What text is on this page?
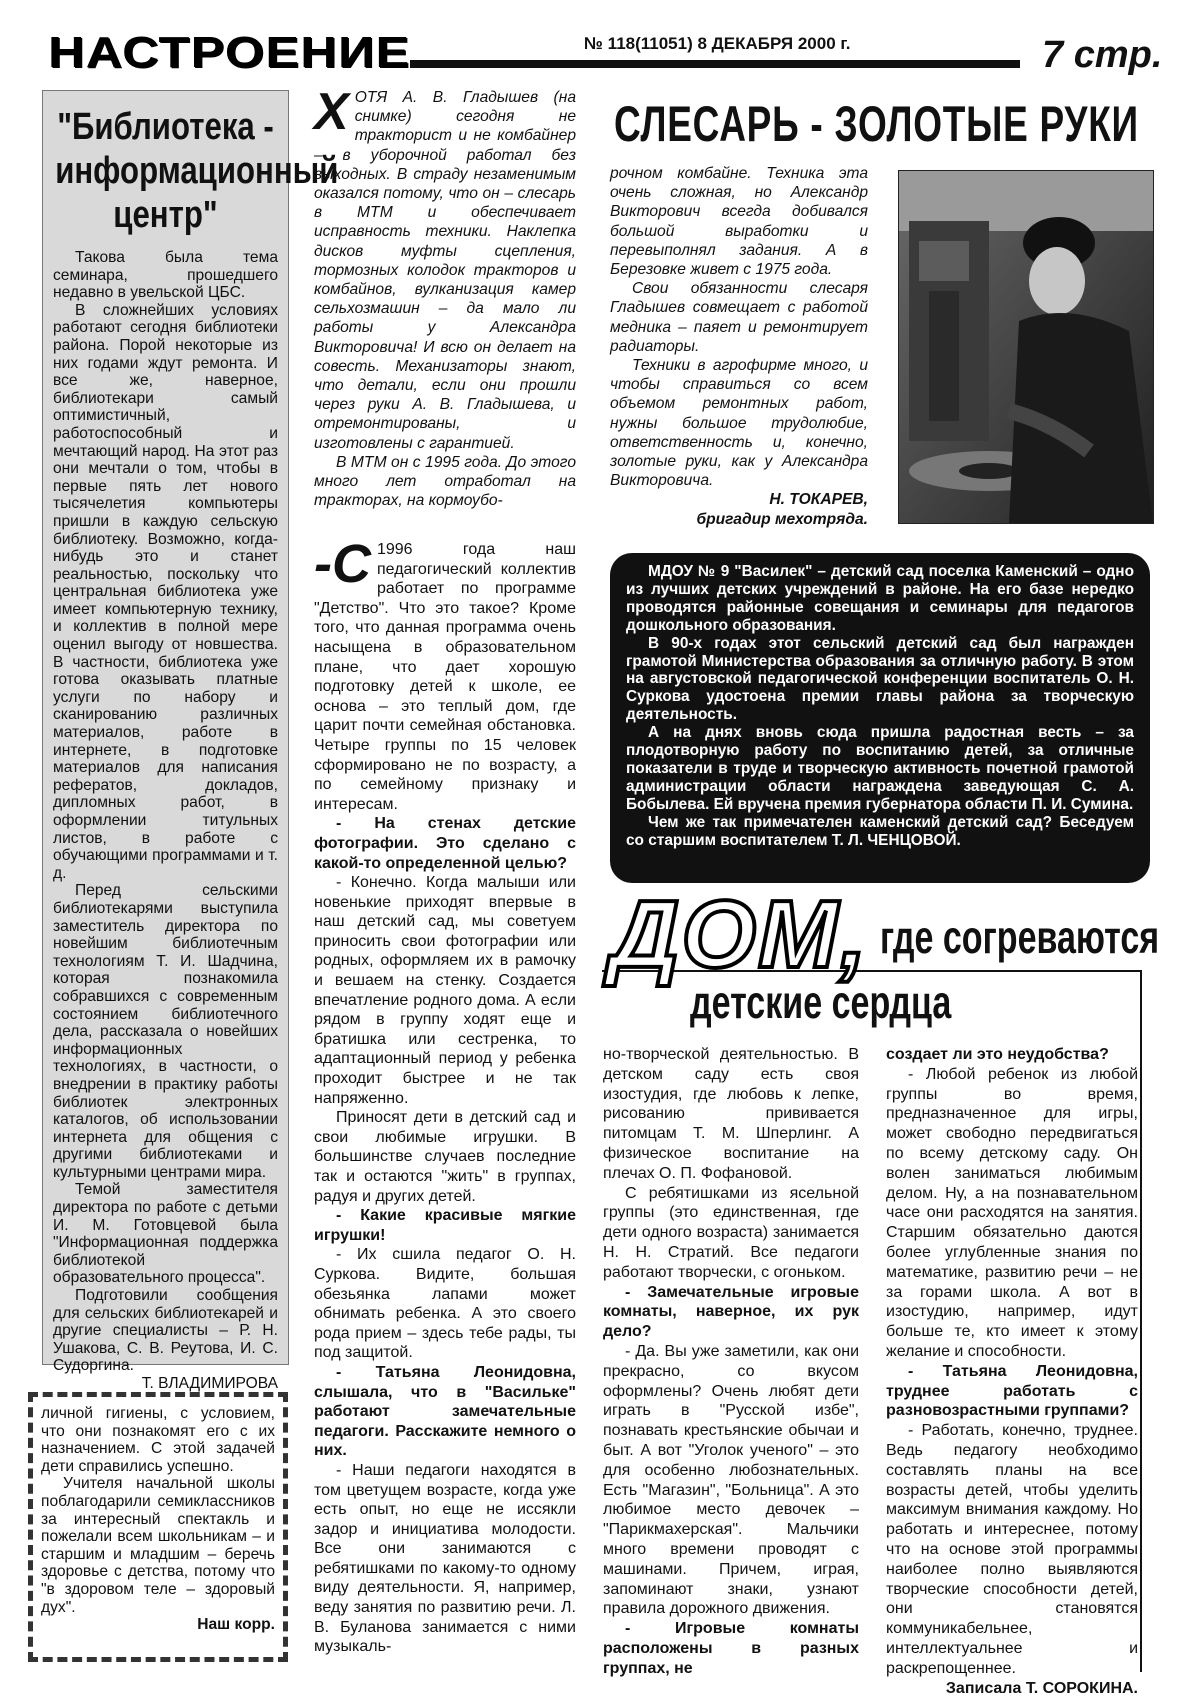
НАСТРОЕНИЕ	№ 118(11051) 8 ДЕКАБРЯ 2000 г.	7 стр.
"Библиотека - информационный центр"

Такова была тема семинара, прошедшего недавно в увельской ЦБС.

В сложнейших условиях работают сегодня библиотеки района. Порой некоторые из них годами ждут ремонта. И все же, наверное, библиотекари самый оптимистичный, работоспособный и мечтающий народ. На этот раз они мечтали о том, чтобы в первые пять лет нового тысячелетия компьютеры пришли в каждую сельскую библиотеку. Возможно, когда-нибудь это и станет реальностью, поскольку что центральная библиотека уже имеет компьютерную технику, и коллектив в полной мере оценил выгоду от новшества. В частности, библиотека уже готова оказывать платные услуги по набору и сканированию различных материалов, работе в интернете, в подготовке материалов для написания рефератов, докладов, дипломных работ, в оформлении титульных листов, в работе с обучающими программами и т. д.

Перед сельскими библиотекарями выступила заместитель директора по новейшим библиотечным технологиям Т. И. Шадчина, которая познакомила собравшихся с современным состоянием библиотечного дела, рассказала о новейших информационных технологиях, в частности, о внедрении в практику работы библиотек электронных каталогов, об использовании интернета для общения с другими библиотеками и культурными центрами мира.

Темой заместителя директора по работе с детьми И. М. Готовцевой была "Информационная поддержка библиотекой образовательного процесса".

Подготовили сообщения для сельских библиотекарей и другие специалисты – Р. Н. Ушакова, С. В. Реутова, И. С. Судоргина.

Т. ВЛАДИМИРОВА

личной гигиены, с условием, что они познакомят его с их назначением. С этой задачей дети справились успешно.

Учителя начальной школы поблагодарили семиклассников за интересный спектакль и пожелали всем школьникам – и старшим и младшим – беречь здоровье с детства, потому что "в здоровом теле – здоровый дух".

Наш корр.

СЛЕСАРЬ - ЗОЛОТЫЕ РУКИ
Х ОТЯ А. В. Гладышев (на снимке) сегодня не тракторист и не комбайнер – в уборочной работал без выходных. В страду незаменимым оказался потому, что он – слесарь в МТМ и обеспечивает исправность техники. Наклепка дисков муфты сцепления, тормозных колодок тракторов и комбайнов, вулканизация камер сельхозмашин – да мало ли работы у Александра Викторовича! И всю он делает на совесть. Механизаторы знают, что детали, если они прошли через руки А. В. Гладышева, и отремонтированы, и изготовлены с гарантией.

В МТМ он с 1995 года. До этого много лет отработал на тракторах, на кормоубо-

рочном комбайне. Техника эта очень сложная, но Александр Викторович всегда добивался большой выработки и перевыполнял задания. А в Березовке живет с 1975 года.

Свои обязанности слесаря Гладышев совмещает с работой медника – паяет и ремонтирует радиаторы.

Техники в агрофирме много, и чтобы справиться со всем объемом ремонтных работ, нужны большое трудолюбие, ответственность и, конечно, золотые руки, как у Александра Викторовича.

Н. ТОКАРЕВ,

бригадир мехотряда.

-С 1996 года наш педагогический коллектив работает по программе "Детство". Что это такое? Кроме того, что данная программа очень насыщена в образовательном плане, что дает хорошую подготовку детей к школе, ее основа – это теплый дом, где царит почти семейная обстановка. Четыре группы по 15 человек сформировано не по возрасту, а по семейному признаку и интересам.

- На стенах детские фотографии. Это сделано с какой-то определенной целью?

- Конечно. Когда малыши или новенькие приходят впервые в наш детский сад, мы советуем приносить свои фотографии или родных, оформляем их в рамочку и вешаем на стенку. Создается впечатление родного дома. А если рядом в группу ходят еще и братишка или сестренка, то адаптационный период у ребенка проходит быстрее и не так напряженно.

Приносят дети в детский сад и свои любимые игрушки. В большинстве случаев последние так и остаются "жить" в группах, радуя и других детей.

- Какие красивые мягкие игрушки!

- Их сшила педагог О. Н. Суркова. Видите, большая обезьянка лапами может обнимать ребенка. А это своего рода прием – здесь тебе рады, ты под защитой.

- Татьяна Леонидовна, слышала, что в "Васильке" работают замечательные педагоги. Расскажите немного о них.

- Наши педагоги находятся в том цветущем возрасте, когда уже есть опыт, но еще не иссякли задор и инициатива молодости. Все они занимаются с ребятишками по какому-то одному виду деятельности. Я, например, веду занятия по развитию речи. Л. В. Буланова занимается с ними музыкаль-

МДОУ № 9 "Василек" – детский сад поселка Каменский – одно из лучших детских учреждений в районе. На его базе нередко проводятся районные совещания и семинары для педагогов дошкольного образования.

В 90-х годах этот сельский детский сад был награжден грамотой Министерства образования за отличную работу. В этом на августовской педагогической конференции воспитатель О. Н. Суркова удостоена премии главы района за творческую деятельность.

А на днях вновь сюда пришла радостная весть – за плодотворную работу по воспитанию детей, за отличные показатели в труде и творческую активность почетной грамотой администрации области награждена заведующая С. А. Бобылева. Ей вручена премия губернатора области П. И. Сумина.

Чем же так примечателен каменский детский сад? Беседуем со старшим воспитателем Т. Л. ЧЕНЦОВОЙ.

ДОМ, где согреваются
детские сердца

но-творческой деятельностью. В детском саду есть своя изостудия, где любовь к лепке, рисованию прививается питомцам Т. М. Шперлинг. А физическое воспитание на плечах О. П. Фофановой.

С ребятишками из ясельной группы (это единственная, где дети одного возраста) занимается Н. Н. Стратий. Все педагоги работают творчески, с огоньком.

- Замечательные игровые комнаты, наверное, их рук дело?

- Да. Вы уже заметили, как они прекрасно, со вкусом оформлены? Очень любят дети играть в "Русской избе", познавать крестьянские обычаи и быт. А вот "Уголок ученого" – это для особенно любознательных. Есть "Магазин", "Больница". А это любимое место девочек – "Парикмахерская". Мальчики много времени проводят с машинами. Причем, играя, запоминают знаки, узнают правила дорожного движения.

- Игровые комнаты расположены в разных группах, не

создает ли это неудобства?

- Любой ребенок из любой группы во время, предназначенное для игры, может свободно передвигаться по всему детскому саду. Он волен заниматься любимым делом. Ну, а на познавательном часе они расходятся на занятия. Старшим обязательно даются более углубленные знания по математике, развитию речи – не за горами школа. А вот в изостудию, например, идут больше те, кто имеет к этому желание и способности.

- Татьяна Леонидовна, труднее работать с разновозрастными группами?

- Работать, конечно, труднее. Ведь педагогу необходимо составлять планы на все возрасты детей, чтобы уделить максимум внимания каждому. Но работать и интереснее, потому что на основе этой программы наиболее полно выявляются творческие способности детей, они становятся коммуникабельнее, интеллектуальнее и раскрепощеннее.

Записала Т. СОРОКИНА.
